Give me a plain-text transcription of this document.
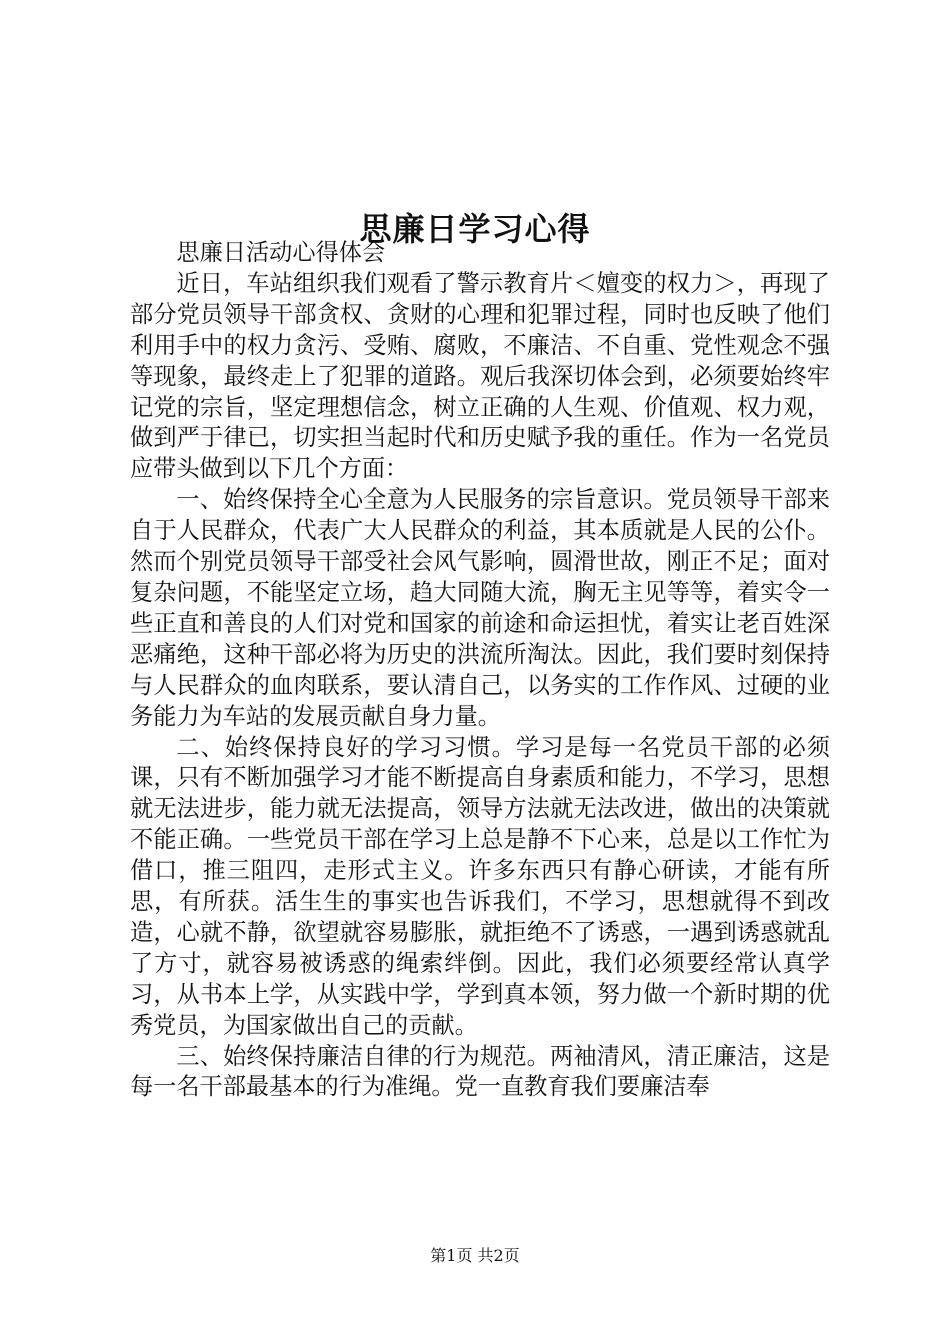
思廉日学习心得

思廉日活动心得体会

近日，车站组织我们观看了警示教育片＜嬗变的权力＞，再现了部分党员领导干部贪权、贪财的心理和犯罪过程，同时也反映了他们利用手中的权力贪污、受贿、腐败，不廉洁、不自重、党性观念不强等现象，最终走上了犯罪的道路。观后我深切体会到，必须要始终牢记党的宗旨，坚定理想信念，树立正确的人生观、价值观、权力观，做到严于律已，切实担当起时代和历史赋予我的重任。作为一名党员应带头做到以下几个方面：

一、始终保持全心全意为人民服务的宗旨意识。党员领导干部来自于人民群众，代表广大人民群众的利益，其本质就是人民的公仆。然而个别党员领导干部受社会风气影响，圆滑世故，刚正不足；面对复杂问题，不能坚定立场，趋大同随大流，胸无主见等等，着实令一些正直和善良的人们对党和国家的前途和命运担忧，着实让老百姓深恶痛绝，这种干部必将为历史的洪流所淘汰。因此，我们要时刻保持与人民群众的血肉联系，要认清自己，以务实的工作作风、过硬的业务能力为车站的发展贡献自身力量。

二、始终保持良好的学习习惯。学习是每一名党员干部的必须课，只有不断加强学习才能不断提高自身素质和能力，不学习，思想就无法进步，能力就无法提高，领导方法就无法改进，做出的决策就不能正确。一些党员干部在学习上总是静不下心来，总是以工作忙为借口，推三阻四，走形式主义。许多东西只有静心研读，才能有所思，有所获。活生生的事实也告诉我们，不学习，思想就得不到改造，心就不静，欲望就容易膨胀，就拒绝不了诱惑，一遇到诱惑就乱了方寸，就容易被诱惑的绳索绊倒。因此，我们必须要经常认真学习，从书本上学，从实践中学，学到真本领，努力做一个新时期的优秀党员，为国家做出自己的贡献。

三、始终保持廉洁自律的行为规范。两袖清风，清正廉洁，这是每一名干部最基本的行为准绳。党一直教育我们要廉洁奉

第1页 共2页
